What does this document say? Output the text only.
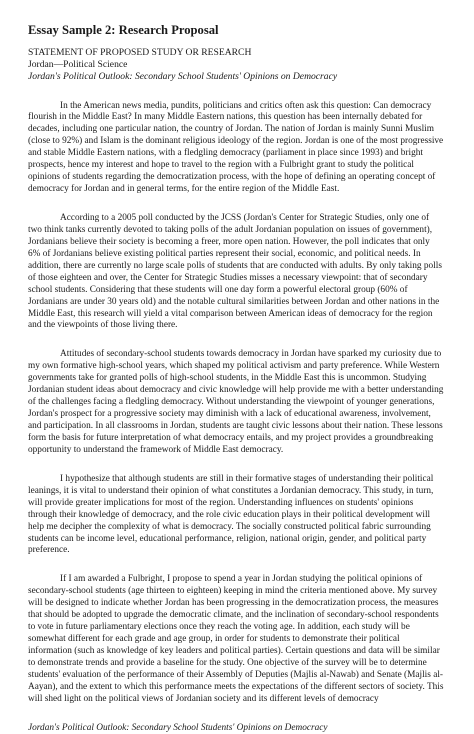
Essay Sample 2: Research Proposal
STATEMENT OF PROPOSED STUDY OR RESEARCH
Jordan—Political Science
Jordan's Political Outlook: Secondary School Students' Opinions on Democracy

In the American news media, pundits, politicians and critics often ask this question: Can democracy flourish in the Middle East? In many Middle Eastern nations, this question has been internally debated for decades, including one particular nation, the country of Jordan. The nation of Jordan is mainly Sunni Muslim (close to 92%) and Islam is the dominant religious ideology of the region. Jordan is one of the most progressive and stable Middle Eastern nations, with a fledgling democracy (parliament in place since 1993) and bright prospects, hence my interest and hope to travel to the region with a Fulbright grant to study the political opinions of students regarding the democratization process, with the hope of defining an operating concept of democracy for Jordan and in general terms, for the entire region of the Middle East.

According to a 2005 poll conducted by the JCSS (Jordan's Center for Strategic Studies, only one of two think tanks currently devoted to taking polls of the adult Jordanian population on issues of government), Jordanians believe their society is becoming a freer, more open nation. However, the poll indicates that only 6% of Jordanians believe existing political parties represent their social, economic, and political needs. In addition, there are currently no large scale polls of students that are conducted with adults. By only taking polls of those eighteen and over, the Center for Strategic Studies misses a necessary viewpoint: that of secondary school students. Considering that these students will one day form a powerful electoral group (60% of Jordanians are under 30 years old) and the notable cultural similarities between Jordan and other nations in the Middle East, this research will yield a vital comparison between American ideas of democracy for the region and the viewpoints of those living there.

Attitudes of secondary-school students towards democracy in Jordan have sparked my curiosity due to my own formative high-school years, which shaped my political activism and party preference. While Western governments take for granted polls of high-school students, in the Middle East this is uncommon. Studying Jordanian student ideas about democracy and civic knowledge will help provide me with a better understanding of the challenges facing a fledgling democracy. Without understanding the viewpoint of younger generations, Jordan's prospect for a progressive society may diminish with a lack of educational awareness, involvement, and participation. In all classrooms in Jordan, students are taught civic lessons about their nation. These lessons form the basis for future interpretation of what democracy entails, and my project provides a groundbreaking opportunity to understand the framework of Middle East democracy.

I hypothesize that although students are still in their formative stages of understanding their political leanings, it is vital to understand their opinion of what constitutes a Jordanian democracy. This study, in turn, will provide greater implications for most of the region. Understanding influences on students' opinions through their knowledge of democracy, and the role civic education plays in their political development will help me decipher the complexity of what is democracy. The socially constructed political fabric surrounding students can be income level, educational performance, religion, national origin, gender, and political party preference.

If I am awarded a Fulbright, I propose to spend a year in Jordan studying the political opinions of secondary-school students (age thirteen to eighteen) keeping in mind the criteria mentioned above. My survey will be designed to indicate whether Jordan has been progressing in the democratization process, the measures that should be adopted to upgrade the democratic climate, and the inclination of secondary-school respondents to vote in future parliamentary elections once they reach the voting age. In addition, each study will be somewhat different for each grade and age group, in order for students to demonstrate their political information (such as knowledge of key leaders and political parties). Certain questions and data will be similar to demonstrate trends and provide a baseline for the study. One objective of the survey will be to determine students' evaluation of the performance of their Assembly of Deputies (Majlis al-Nawab) and Senate (Majlis al-Aayan), and the extent to which this performance meets the expectations of the different sectors of society. This will shed light on the political views of Jordanian society and its different levels of democracy

Jordan's Political Outlook: Secondary School Students' Opinions on Democracy
